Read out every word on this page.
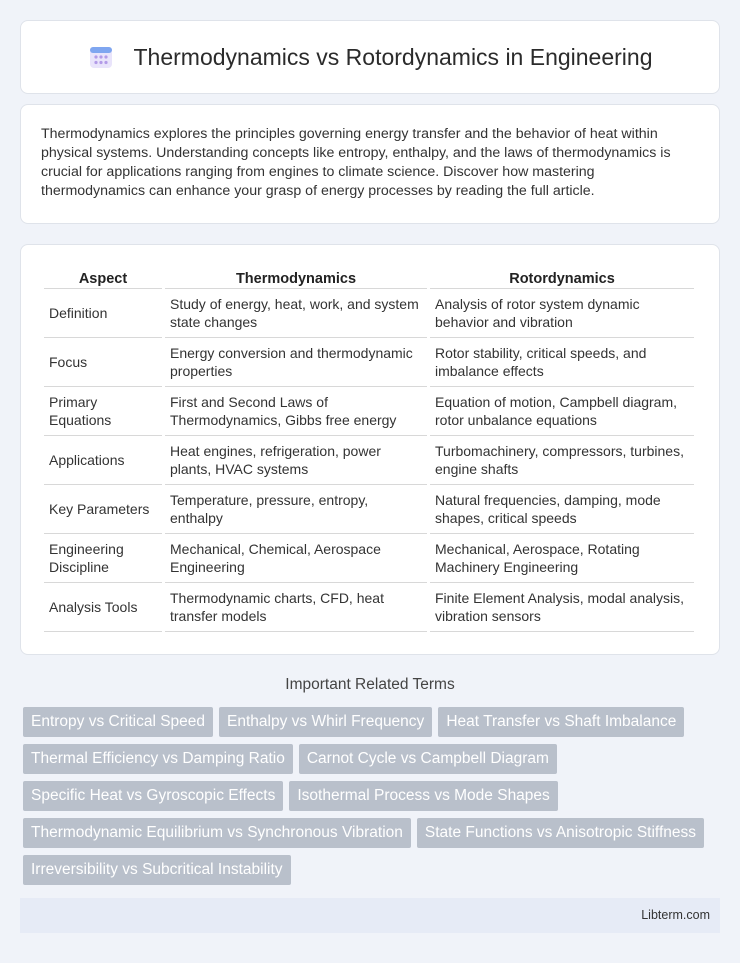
Thermodynamics vs Rotordynamics in Engineering

Thermodynamics explores the principles governing energy transfer and the behavior of heat within physical systems. Understanding concepts like entropy, enthalpy, and the laws of thermodynamics is crucial for applications ranging from engines to climate science. Discover how mastering thermodynamics can enhance your grasp of energy processes by reading the full article.

Aspect	Thermodynamics	Rotordynamics
Definition	Study of energy, heat, work, and system state changes	Analysis of rotor system dynamic behavior and vibration
Focus	Energy conversion and thermodynamic properties	Rotor stability, critical speeds, and imbalance effects
Primary Equations	First and Second Laws of Thermodynamics, Gibbs free energy	Equation of motion, Campbell diagram, rotor unbalance equations
Applications	Heat engines, refrigeration, power plants, HVAC systems	Turbomachinery, compressors, turbines, engine shafts
Key Parameters	Temperature, pressure, entropy, enthalpy	Natural frequencies, damping, mode shapes, critical speeds
Engineering Discipline	Mechanical, Chemical, Aerospace Engineering	Mechanical, Aerospace, Rotating Machinery Engineering
Analysis Tools	Thermodynamic charts, CFD, heat transfer models	Finite Element Analysis, modal analysis, vibration sensors
Important Related Terms
Entropy vs Critical Speed	Enthalpy vs Whirl Frequency	Heat Transfer vs Shaft Imbalance
Thermal Efficiency vs Damping Ratio	Carnot Cycle vs Campbell Diagram
Specific Heat vs Gyroscopic Effects	Isothermal Process vs Mode Shapes
Thermodynamic Equilibrium vs Synchronous Vibration	State Functions vs Anisotropic Stiffness
Irreversibility vs Subcritical Instability
Libterm.com
